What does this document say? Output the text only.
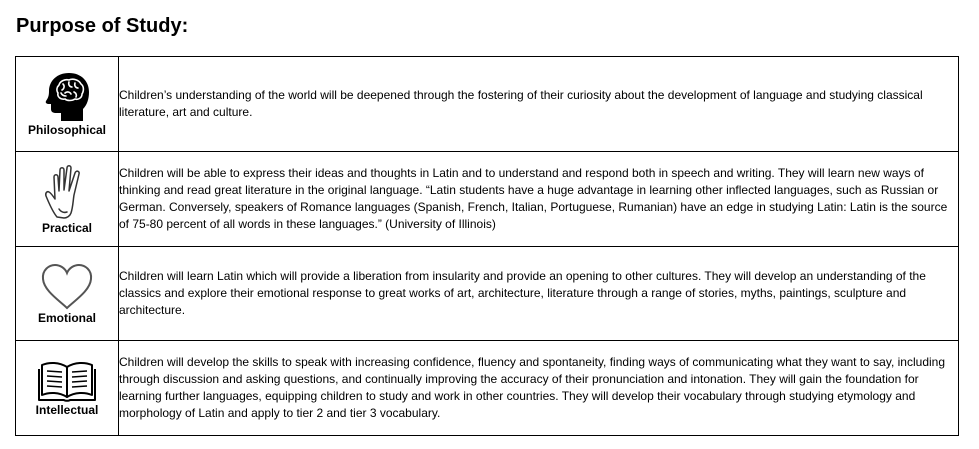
Purpose of Study:
Philosophical	Children’s understanding of the world will be deepened through the fostering of their curiosity about the development of language and studying classical literature, art and culture.

Practical	Children will be able to express their ideas and thoughts in Latin and to understand and respond both in speech and writing. They will learn new ways of thinking and read great literature in the original language. “Latin students have a huge advantage in learning other inflected languages, such as Russian or German. Conversely, speakers of Romance languages (Spanish, French, Italian, Portuguese, Rumanian) have an edge in studying Latin: Latin is the source of 75-80 percent of all words in these languages.” (University of Illinois)

Emotional	Children will learn Latin which will provide a liberation from insularity and provide an opening to other cultures. They will develop an understanding of the classics and explore their emotional response to great works of art, architecture, literature through a range of stories, myths, paintings, sculpture and architecture.

Intellectual	Children will develop the skills to speak with increasing confidence, fluency and spontaneity, finding ways of communicating what they want to say, including through discussion and asking questions, and continually improving the accuracy of their pronunciation and intonation. They will gain the foundation for learning further languages, equipping children to study and work in other countries. They will develop their vocabulary through studying etymology and morphology of Latin and apply to tier 2 and tier 3 vocabulary.
